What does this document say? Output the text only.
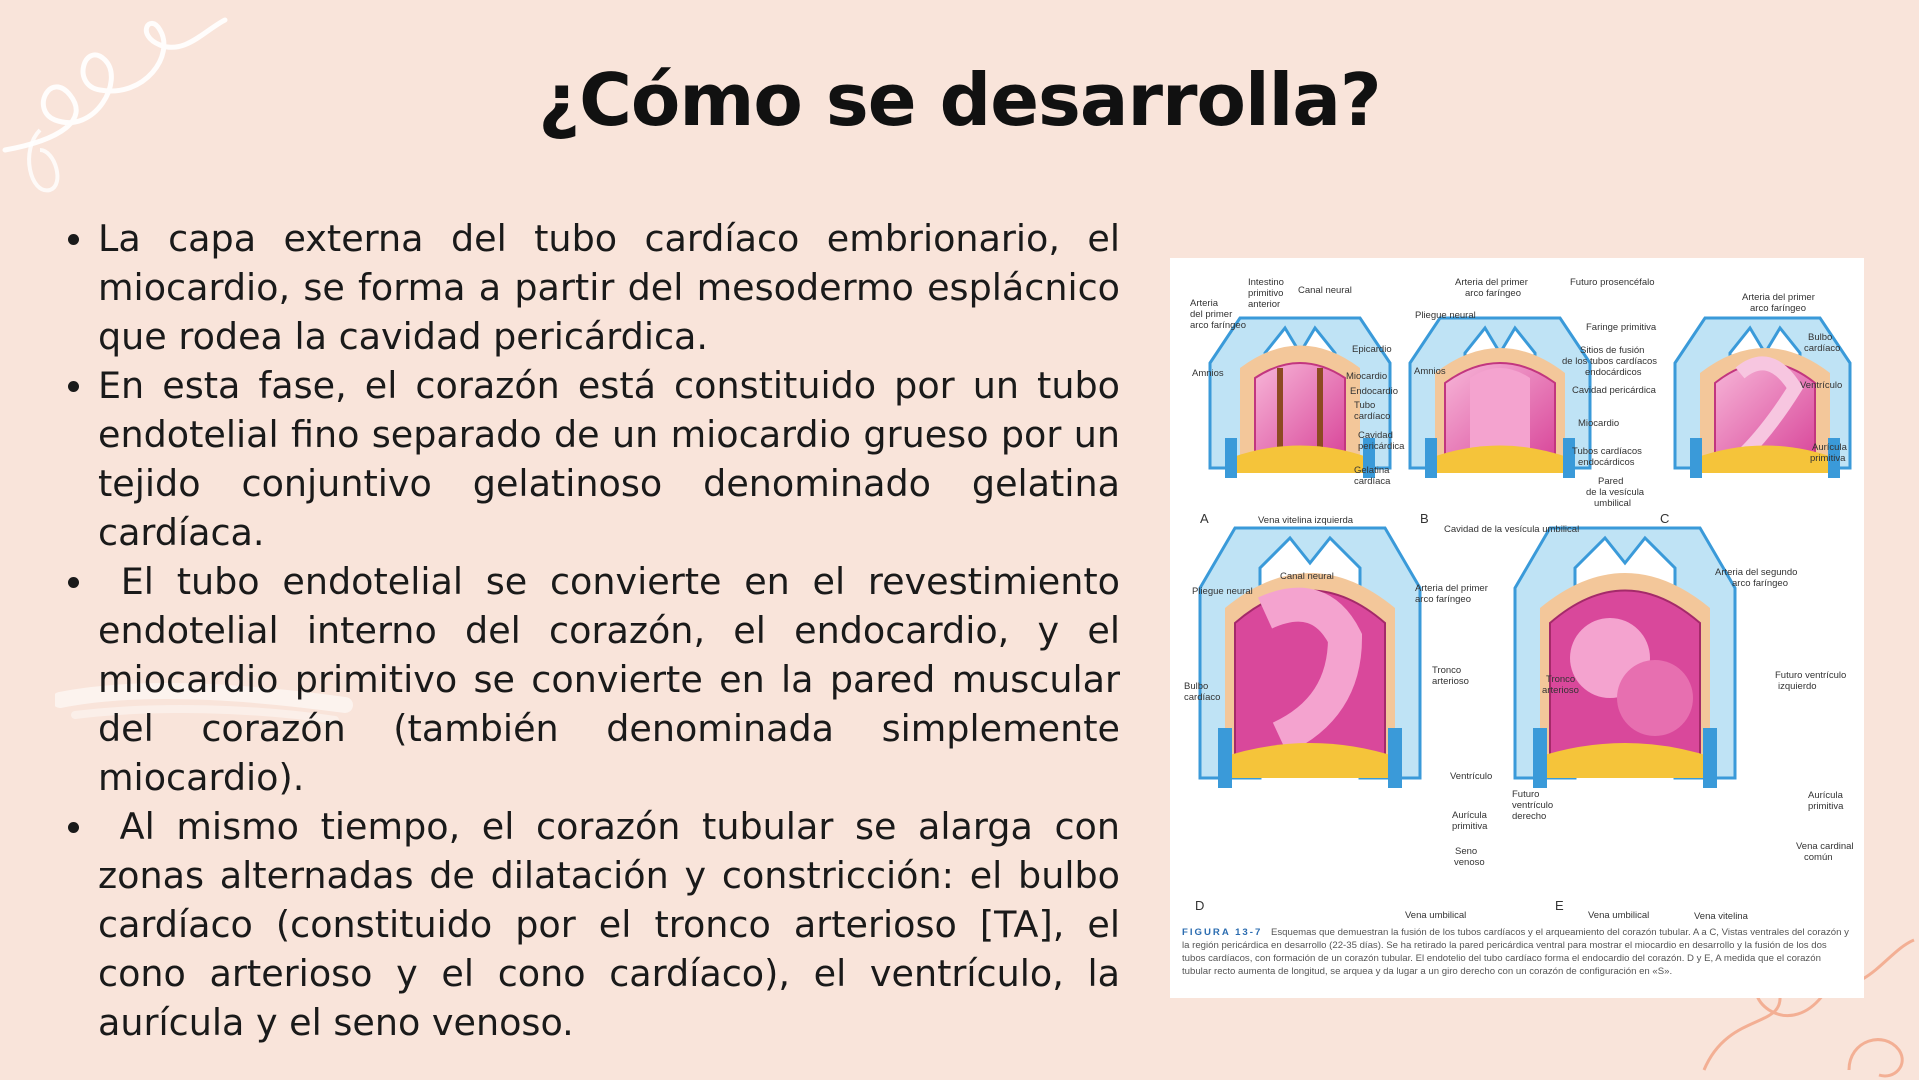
¿Cómo se desarrolla?
La capa externa del tubo cardíaco embrionario, el miocardio, se forma a partir del mesodermo esplácnico que rodea la cavidad pericárdica.
En esta fase, el corazón está constituido por un tubo endotelial fino separado de un miocardio grueso por un tejido conjuntivo gelatinoso denominado gelatina cardíaca.
El tubo endotelial se convierte en el revestimiento endotelial interno del corazón, el endocardio, y el miocardio primitivo se convierte en la pared muscular del corazón (también denominada simplemente miocardio).
Al mismo tiempo, el corazón tubular se alarga con zonas alternadas de dilatación y constricción: el bulbo cardíaco (constituido por el tronco arterioso [TA], el cono arterioso y el cono cardíaco), el ventrículo, la aurícula y el seno venoso.
A	B	C
D	E
Intestino
primitivo
anterior
Canal neural
Arteria
del primer
arco faríngeo
Amnios
Epicardio
Miocardio
Endocardio
Tubo
cardíaco
Cavidad
pericárdica
Gelatina
cardíaca
Vena vitelina izquierda
Arteria del primer
arco faríngeo
Futuro prosencéfalo
Pliegue neural
Amnios
Faringe primitiva
Sitios de fusión
de los tubos cardíacos
endocárdicos
Cavidad pericárdica
Miocardio
Tubos cardíacos
endocárdicos
Pared
de la vesícula
umbilical
Cavidad de la vesícula umbilical
Arteria del primer
arco faríngeo
Bulbo
cardíaco
Ventrículo
Aurícula
primitiva
Canal neural
Pliegue neural	Arteria del primer
arco faríngeo
Bulbo
cardíaco
Tronco
arterioso
Ventrículo
Aurícula
primitiva
Seno
venoso
Vena umbilical
Arteria del segundo
arco faríngeo
Tronco
arterioso
Futuro ventrículo
izquierdo
Futuro
ventrículo
derecho
Aurícula
primitiva
Vena cardinal
común
Vena umbilical	Vena vitelina
FIGURA 13-7 Esquemas que demuestran la fusión de los tubos cardíacos y el arqueamiento del corazón tubular. A a C, Vistas ventrales del corazón y la región pericárdica en desarrollo (22-35 días). Se ha retirado la pared pericárdica ventral para mostrar el miocardio en desarrollo y la fusión de los dos tubos cardíacos, con formación de un corazón tubular. El endotelio del tubo cardíaco forma el endocardio del corazón. D y E, A medida que el corazón tubular recto aumenta de longitud, se arquea y da lugar a un giro derecho con un corazón de configuración en «S».
